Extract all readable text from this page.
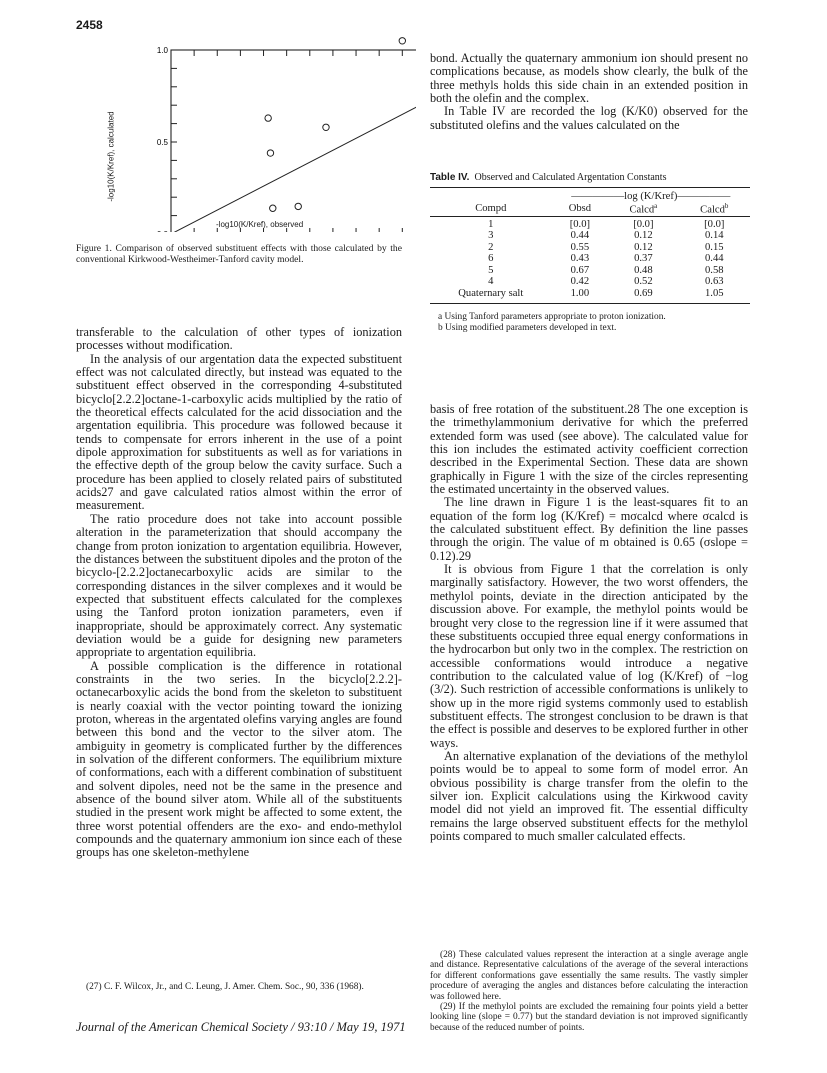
2458
0.5
1.0
-log10(K/Kref), calculated
-log10(K/Kref), observed
Figure 1. Comparison of observed substituent effects with those calculated by the conventional Kirkwood-Westheimer-Tanford cavity model.

bond. Actually the quaternary ammonium ion should present no complications because, as models show clearly, the bulk of the three methyls holds this side chain in an extended position in both the olefin and the complex.

In Table IV are recorded the log (K/K0) observed for the substituted olefins and the values calculated on the

Table IV. Observed and Calculated Argentation Constants
	—————log (K/Kref)—————		
Compd	Obsd	Calcd$^a$	Calcd$^b$
1	[0.0]	[0.0]	[0.0]
3	0.44	0.12	0.14
2	0.55	0.12	0.15
6	0.43	0.37	0.44
5	0.67	0.48	0.58
4	0.42	0.52	0.63
Quaternary salt	1.00	0.69	1.05

a Using Tanford parameters appropriate to proton ionization.

b Using modified parameters developed in text.

transferable to the calculation of other types of ionization processes without modification.

In the analysis of our argentation data the expected substituent effect was not calculated directly, but instead was equated to the substituent effect observed in the corresponding 4-substituted bicyclo[2.2.2]octane-1-carboxylic acids multiplied by the ratio of the theoretical effects calculated for the acid dissociation and the argentation equilibria. This procedure was followed because it tends to compensate for errors inherent in the use of a point dipole approximation for substituents as well as for variations in the effective depth of the group below the cavity surface. Such a procedure has been applied to closely related pairs of substituted acids27 and gave calculated ratios almost within the error of measurement.

The ratio procedure does not take into account possible alteration in the parameterization that should accompany the change from proton ionization to argentation equilibria. However, the distances between the substituent dipoles and the proton of the bicyclo-[2.2.2]octanecarboxylic acids are similar to the corresponding distances in the silver complexes and it would be expected that substituent effects calculated for the complexes using the Tanford proton ionization parameters, even if inappropriate, should be approximately correct. Any systematic deviation would be a guide for designing new parameters appropriate to argentation equilibria.

A possible complication is the difference in rotational constraints in the two series. In the bicyclo[2.2.2]-octanecarboxylic acids the bond from the skeleton to substituent is nearly coaxial with the vector pointing toward the ionizing proton, whereas in the argentated olefins varying angles are found between this bond and the vector to the silver atom. The ambiguity in geometry is complicated further by the differences in solvation of the different conformers. The equilibrium mixture of conformations, each with a different combination of substituent and solvent dipoles, need not be the same in the presence and absence of the bound silver atom. While all of the substituents studied in the present work might be affected to some extent, the three worst potential offenders are the exo- and endo-methylol compounds and the quaternary ammonium ion since each of these groups has one skeleton-methylene

(27) C. F. Wilcox, Jr., and C. Leung, J. Amer. Chem. Soc., 90, 336 (1968).

basis of free rotation of the substituent.28 The one exception is the trimethylammonium derivative for which the preferred extended form was used (see above). The calculated value for this ion includes the estimated activity coefficient correction described in the Experimental Section. These data are shown graphically in Figure 1 with the size of the circles representing the estimated uncertainty in the observed values.

The line drawn in Figure 1 is the least-squares fit to an equation of the form log (K/Kref) = mσcalcd where σcalcd is the calculated substituent effect. By definition the line passes through the origin. The value of m obtained is 0.65 (σslope = 0.12).29

It is obvious from Figure 1 that the correlation is only marginally satisfactory. However, the two worst offenders, the methylol points, deviate in the direction anticipated by the discussion above. For example, the methylol points would be brought very close to the regression line if it were assumed that these substituents occupied three equal energy conformations in the hydrocarbon but only two in the complex. The restriction on accessible conformations would introduce a negative contribution to the calculated value of log (K/Kref) of −log (3/2). Such restriction of accessible conformations is unlikely to show up in the more rigid systems commonly used to establish substituent effects. The strongest conclusion to be drawn is that the effect is possible and deserves to be explored further in other ways.

An alternative explanation of the deviations of the methylol points would be to appeal to some form of model error. An obvious possibility is charge transfer from the olefin to the silver ion. Explicit calculations using the Kirkwood cavity model did not yield an improved fit. The essential difficulty remains the large observed substituent effects for the methylol points compared to much smaller calculated effects.

(28) These calculated values represent the interaction at a single average angle and distance. Representative calculations of the average of the several interactions for different conformations gave essentially the same results. The vastly simpler procedure of averaging the angles and distances before calculating the interaction was followed here.

(29) If the methylol points are excluded the remaining four points yield a better looking line (slope = 0.77) but the standard deviation is not improved significantly because of the reduced number of points.

Journal of the American Chemical Society / 93:10 / May 19, 1971
